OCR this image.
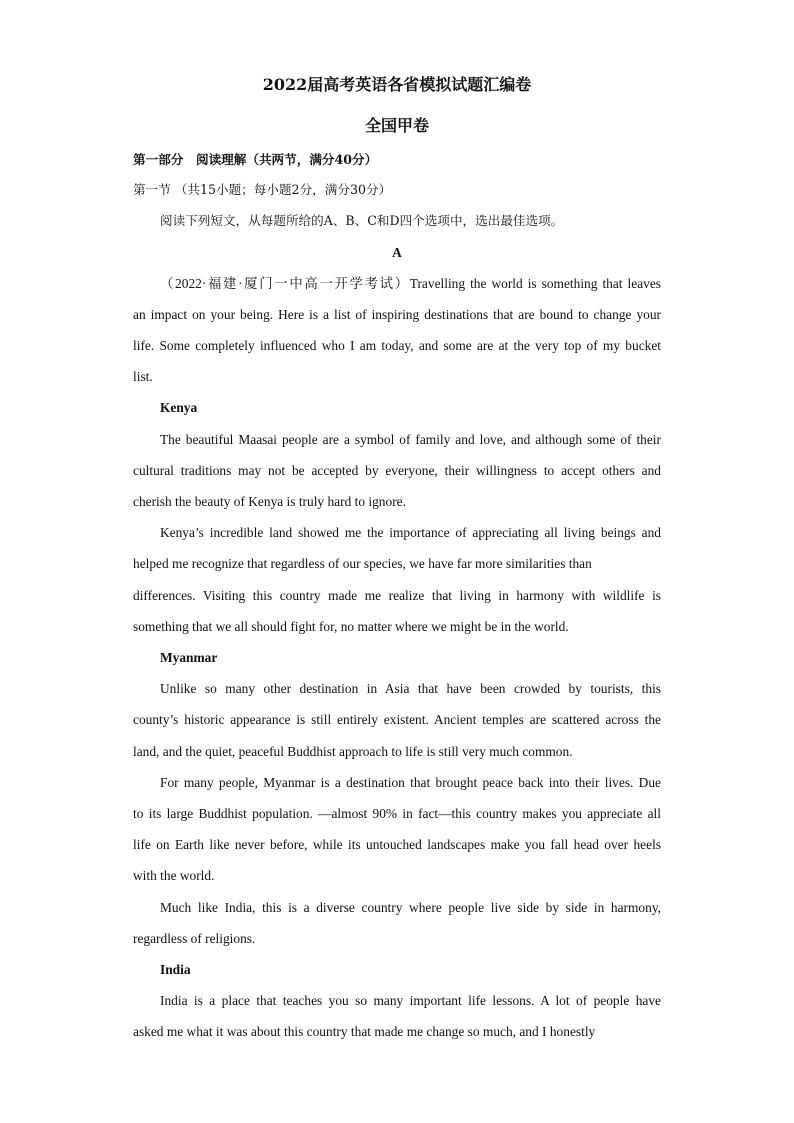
2022届高考英语各省模拟试题汇编卷
全国甲卷
第一部分　阅读理解（共两节，满分40分）
第一节 （共15小题；每小题2分，满分30分）
阅读下列短文，从每题所给的A、B、C和D四个选项中，选出最佳选项。
A
（2022·福建·厦门一中高一开学考试）Travelling the world is something that leaves
an impact on your being. Here is a list of inspiring destinations that are bound to change your
life. Some completely influenced who I am today, and some are at the very top of my bucket
list.
Kenya
The beautiful Maasai people are a symbol of family and love, and although some of their
cultural traditions may not be accepted by everyone, their willingness to accept others and
cherish the beauty of Kenya is truly hard to ignore.
Kenya’s incredible land showed me the importance of appreciating all living beings and
helped me recognize that regardless of our species, we have far more similarities than
differences. Visiting this country made me realize that living in harmony with wildlife is
something that we all should fight for, no matter where we might be in the world.
Myanmar
Unlike so many other destination in Asia that have been crowded by tourists, this
county’s historic appearance is still entirely existent. Ancient temples are scattered across the
land, and the quiet, peaceful Buddhist approach to life is still very much common.
For many people, Myanmar is a destination that brought peace back into their lives. Due
to its large Buddhist population. —almost 90% in fact—this country makes you appreciate all
life on Earth like never before, while its untouched landscapes make you fall head over heels
with the world.
Much like India, this is a diverse country where people live side by side in harmony,
regardless of religions.
India
India is a place that teaches you so many important life lessons. A lot of people have
asked me what it was about this country that made me change so much, and I honestly
